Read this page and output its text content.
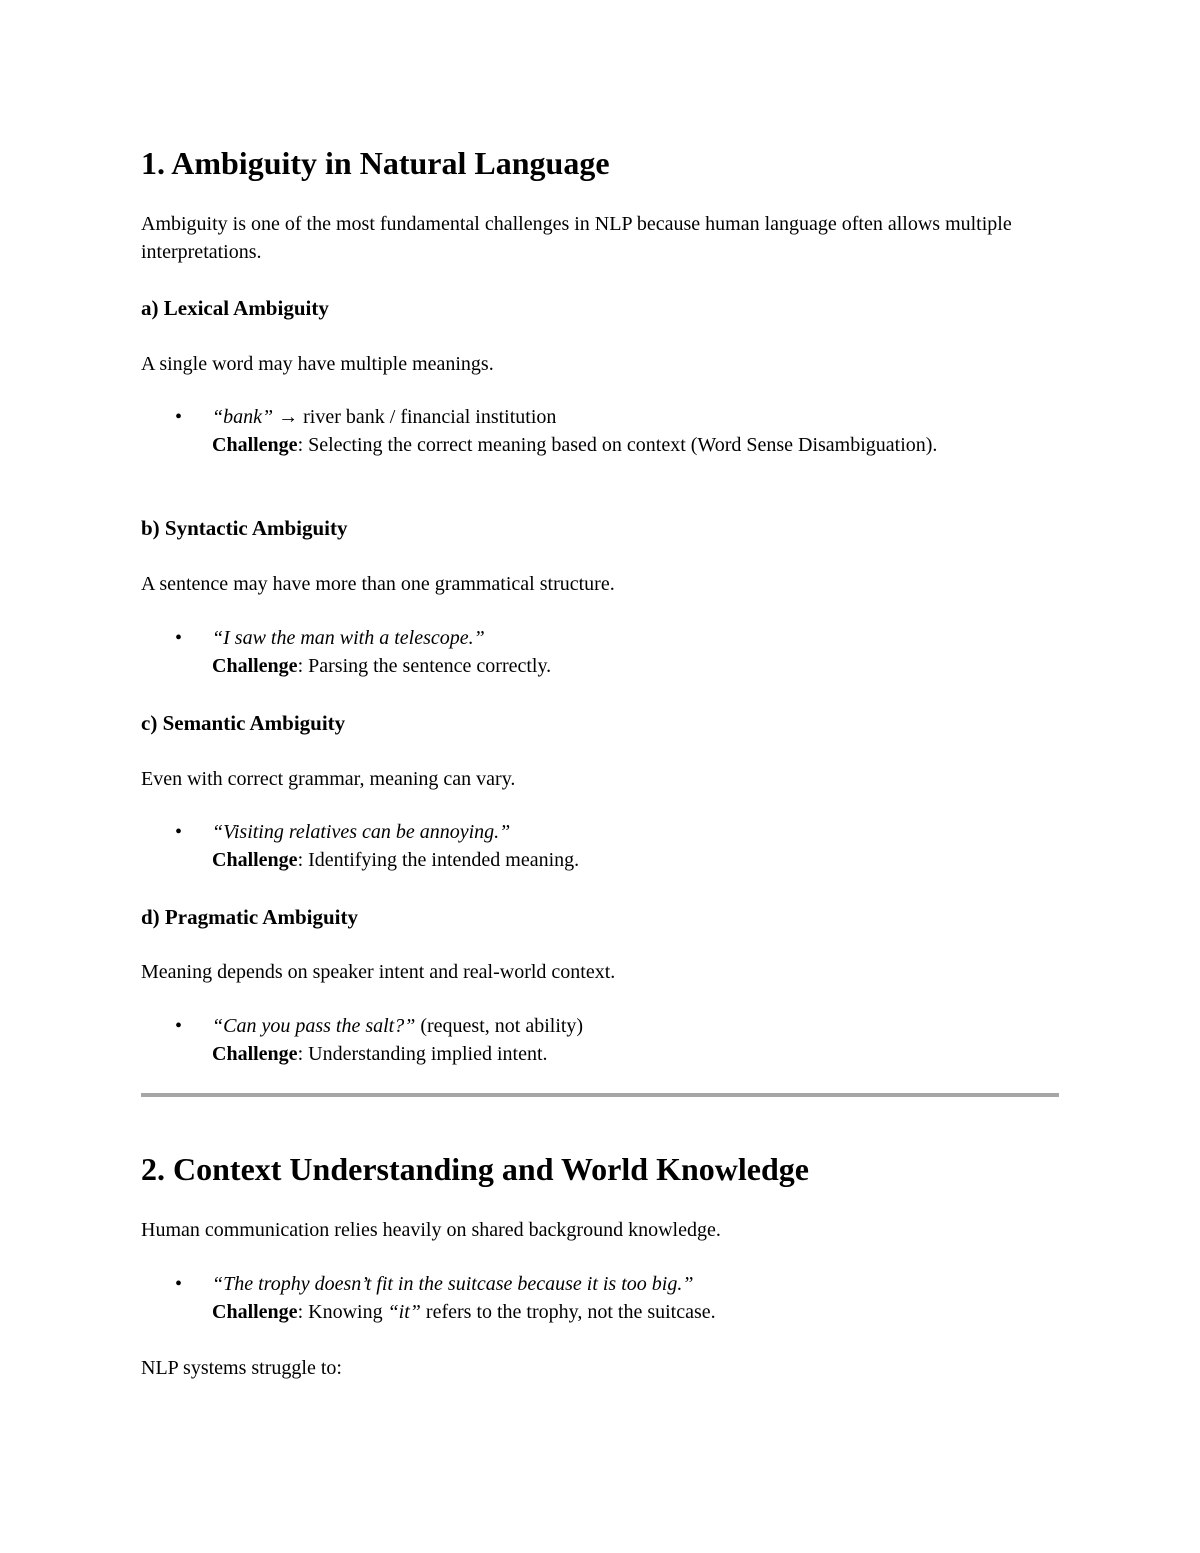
1. Ambiguity in Natural Language

Ambiguity is one of the most fundamental challenges in NLP because human language often allows multiple interpretations.

a) Lexical Ambiguity

A single word may have multiple meanings.

• “bank” → river bank / financial institution
Challenge: Selecting the correct meaning based on context (Word Sense Disambiguation).
b) Syntactic Ambiguity

A sentence may have more than one grammatical structure.

• “I saw the man with a telescope.”
Challenge: Parsing the sentence correctly.
c) Semantic Ambiguity

Even with correct grammar, meaning can vary.

• “Visiting relatives can be annoying.”
Challenge: Identifying the intended meaning.
d) Pragmatic Ambiguity

Meaning depends on speaker intent and real-world context.

• “Can you pass the salt?” (request, not ability)
Challenge: Understanding implied intent.
2. Context Understanding and World Knowledge

Human communication relies heavily on shared background knowledge.

• “The trophy doesn’t fit in the suitcase because it is too big.”
Challenge: Knowing “it” refers to the trophy, not the suitcase.

NLP systems struggle to:
